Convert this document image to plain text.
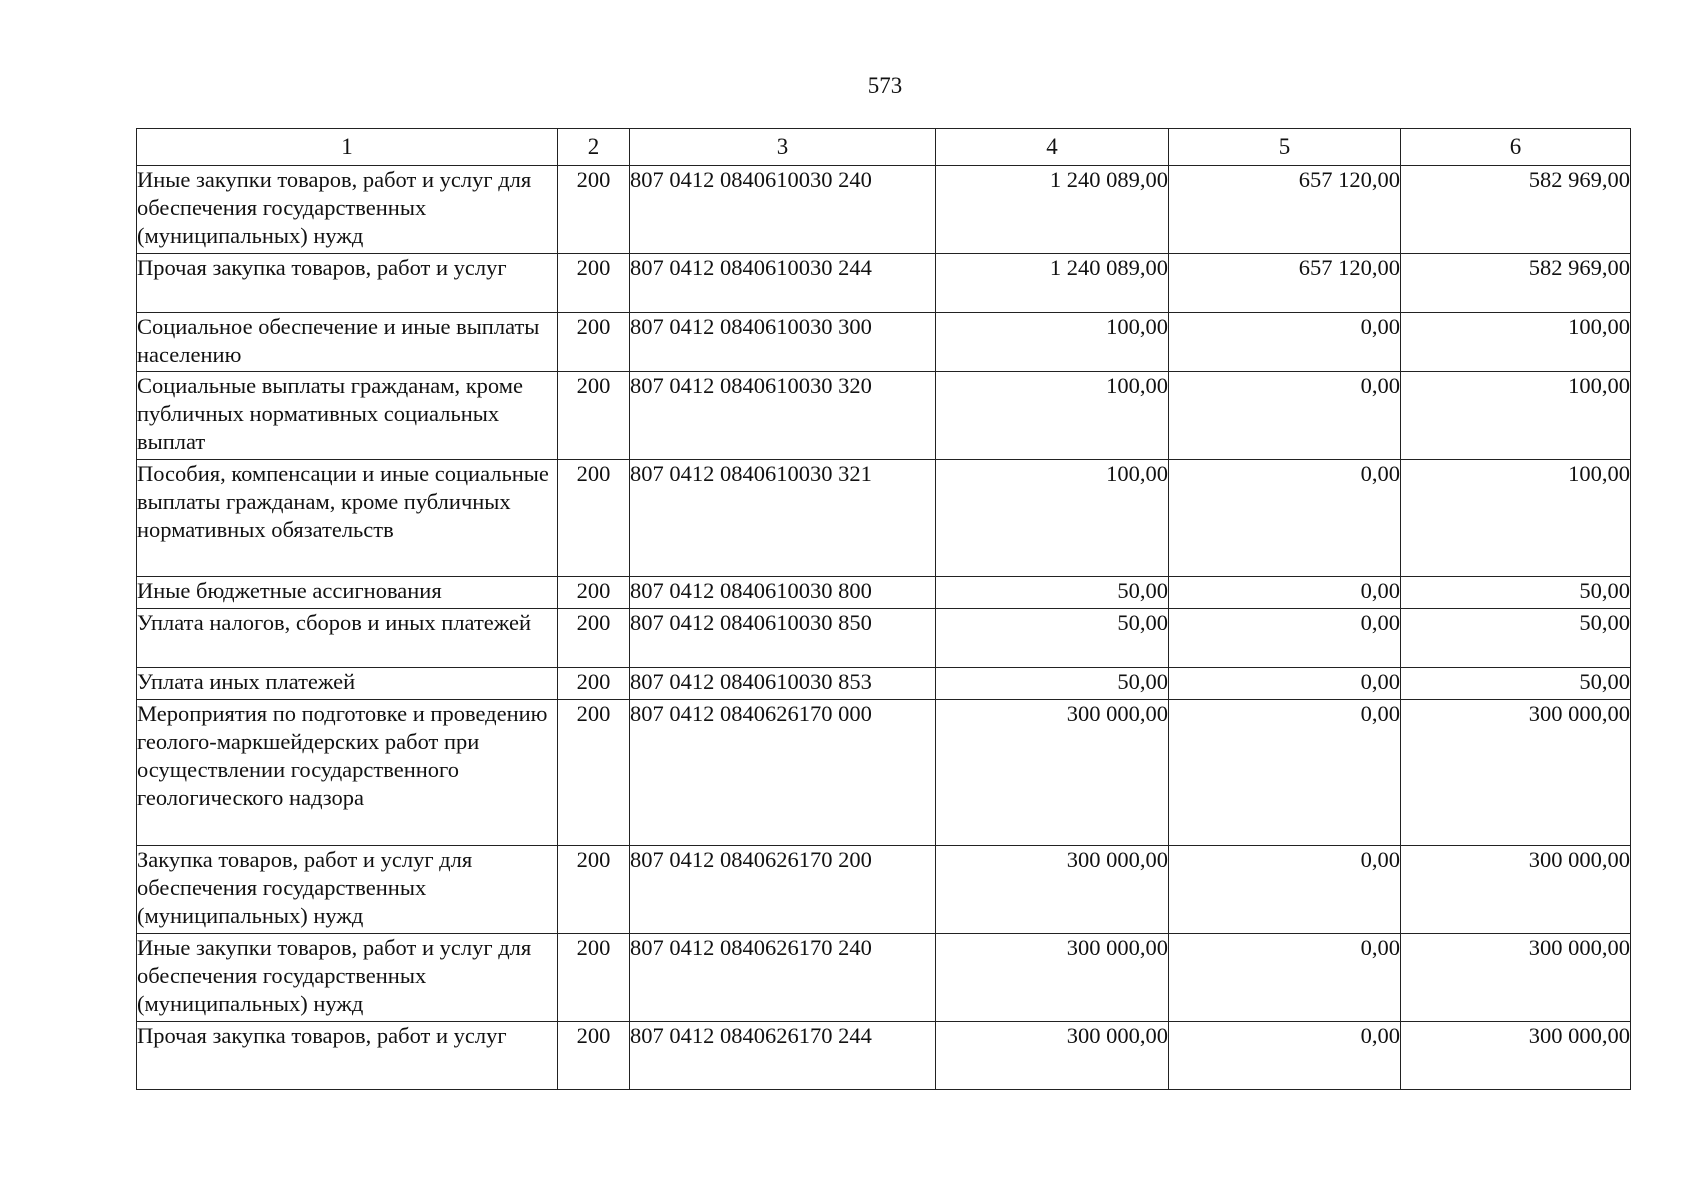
573
1	2	3	4	5	6
Иные закупки товаров, работ и услуг для обеспечения государственных (муниципальных) нужд	200	807 0412 0840610030 240	1 240 089,00	657 120,00	582 969,00
Прочая закупка товаров, работ и услуг	200	807 0412 0840610030 244	1 240 089,00	657 120,00	582 969,00
Социальное обеспечение и иные выплаты населению	200	807 0412 0840610030 300	100,00	0,00	100,00
Социальные выплаты гражданам, кроме публичных нормативных социальных выплат	200	807 0412 0840610030 320	100,00	0,00	100,00
Пособия, компенсации и иные социальные выплаты гражданам, кроме публичных нормативных обязательств	200	807 0412 0840610030 321	100,00	0,00	100,00
Иные бюджетные ассигнования	200	807 0412 0840610030 800	50,00	0,00	50,00
Уплата налогов, сборов и иных платежей	200	807 0412 0840610030 850	50,00	0,00	50,00
Уплата иных платежей	200	807 0412 0840610030 853	50,00	0,00	50,00
Мероприятия по подготовке и проведению геолого-маркшейдерских работ при осуществлении государственного геологического надзора	200	807 0412 0840626170 000	300 000,00	0,00	300 000,00
Закупка товаров, работ и услуг для обеспечения государственных (муниципальных) нужд	200	807 0412 0840626170 200	300 000,00	0,00	300 000,00
Иные закупки товаров, работ и услуг для обеспечения государственных (муниципальных) нужд	200	807 0412 0840626170 240	300 000,00	0,00	300 000,00
Прочая закупка товаров, работ и услуг	200	807 0412 0840626170 244	300 000,00	0,00	300 000,00
